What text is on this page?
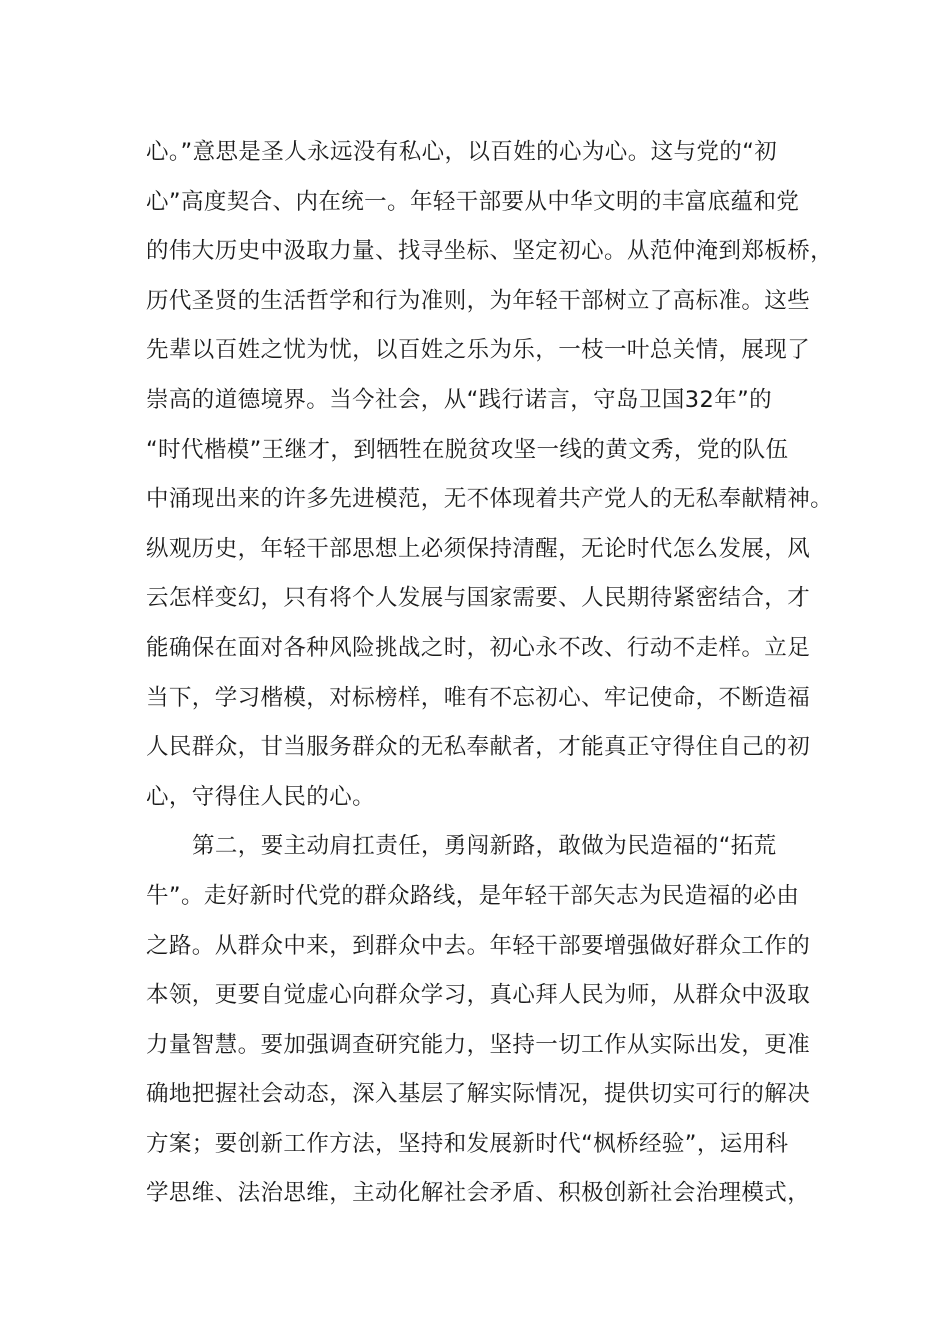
心。”意思是圣人永远没有私心，以百姓的心为心。这与党的“初
心”高度契合、内在统一。年轻干部要从中华文明的丰富底蕴和党
的伟大历史中汲取力量、找寻坐标、坚定初心。从范仲淹到郑板桥，
历代圣贤的生活哲学和行为准则，为年轻干部树立了高标准。这些
先辈以百姓之忧为忧，以百姓之乐为乐，一枝一叶总关情，展现了
崇高的道德境界。当今社会，从“践行诺言，守岛卫国32年”的
“时代楷模”王继才，到牺牲在脱贫攻坚一线的黄文秀，党的队伍
中涌现出来的许多先进模范，无不体现着共产党人的无私奉献精神。
纵观历史，年轻干部思想上必须保持清醒，无论时代怎么发展，风
云怎样变幻，只有将个人发展与国家需要、人民期待紧密结合，才
能确保在面对各种风险挑战之时，初心永不改、行动不走样。立足
当下，学习楷模，对标榜样，唯有不忘初心、牢记使命，不断造福
人民群众，甘当服务群众的无私奉献者，才能真正守得住自己的初
心，守得住人民的心。
第二，要主动肩扛责任，勇闯新路，敢做为民造福的“拓荒
牛”。走好新时代党的群众路线，是年轻干部矢志为民造福的必由
之路。从群众中来，到群众中去。年轻干部要增强做好群众工作的
本领，更要自觉虚心向群众学习，真心拜人民为师，从群众中汲取
力量智慧。要加强调查研究能力，坚持一切工作从实际出发，更准
确地把握社会动态，深入基层了解实际情况，提供切实可行的解决
方案；要创新工作方法，坚持和发展新时代“枫桥经验”，运用科
学思维、法治思维，主动化解社会矛盾、积极创新社会治理模式，
